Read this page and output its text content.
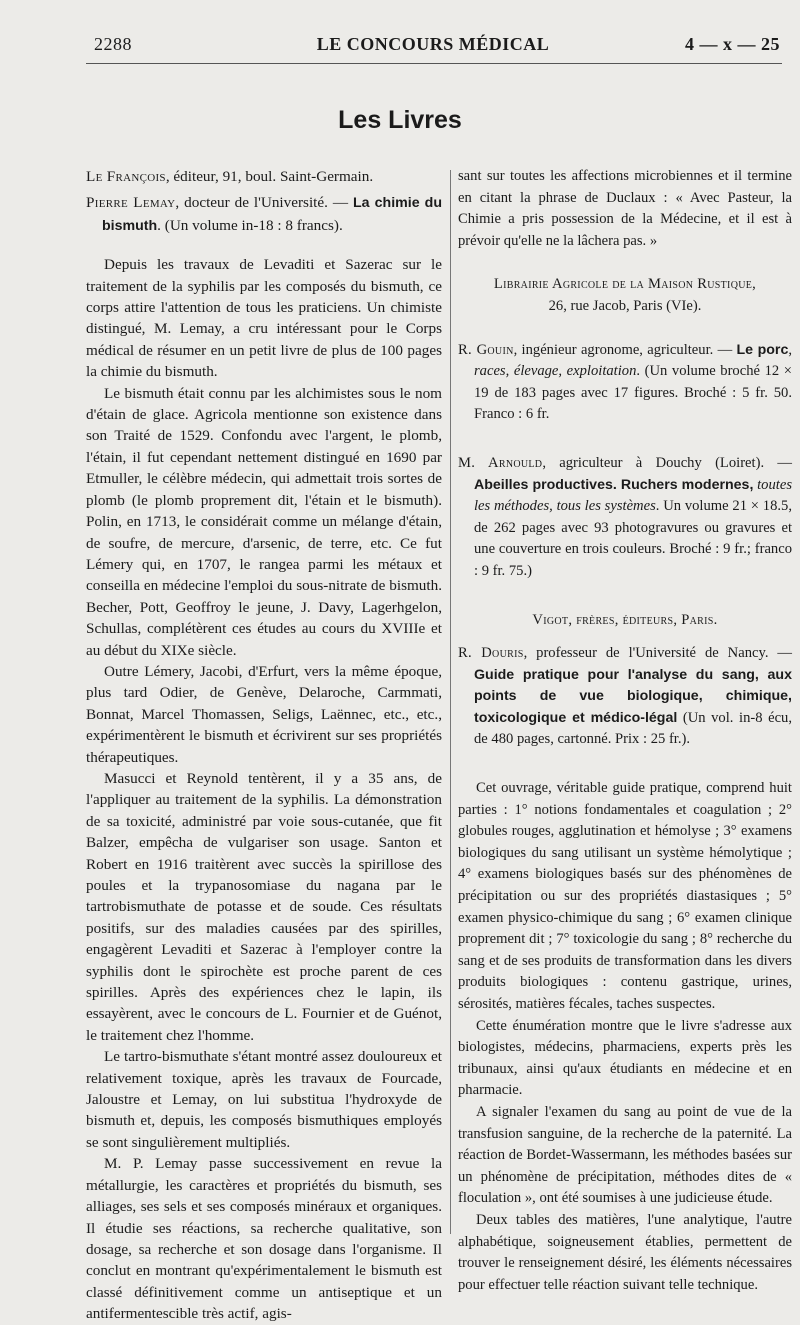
2288	LE CONCOURS MÉDICAL	4 — x — 25
Les Livres

Le François, éditeur, 91, boul. Saint-Germain.

Pierre Lemay, docteur de l'Université. — La chimie du bismuth. (Un volume in-18 : 8 francs).

Depuis les travaux de Levaditi et Sazerac sur le traitement de la syphilis par les composés du bismuth, ce corps attire l'attention de tous les praticiens. Un chimiste distingué, M. Lemay, a cru intéressant pour le Corps médical de résumer en un petit livre de plus de 100 pages la chimie du bismuth.

Le bismuth était connu par les alchimistes sous le nom d'étain de glace. Agricola mentionne son existence dans son Traité de 1529. Confondu avec l'argent, le plomb, l'étain, il fut cependant nettement distingué en 1690 par Etmuller, le célèbre médecin, qui admettait trois sortes de plomb (le plomb proprement dit, l'étain et le bismuth). Polin, en 1713, le considérait comme un mélange d'étain, de soufre, de mercure, d'arsenic, de terre, etc. Ce fut Lémery qui, en 1707, le rangea parmi les métaux et conseilla en médecine l'emploi du sous-nitrate de bismuth. Becher, Pott, Geoffroy le jeune, J. Davy, Lagerhgelon, Schullas, complétèrent ces études au cours du XVIIIe et au début du XIXe siècle.

Outre Lémery, Jacobi, d'Erfurt, vers la même époque, plus tard Odier, de Genève, Delaroche, Carmmati, Bonnat, Marcel Thomassen, Seligs, Laënnec, etc., etc., expérimentèrent le bismuth et écrivirent sur ses propriétés thérapeutiques.

Masucci et Reynold tentèrent, il y a 35 ans, de l'appliquer au traitement de la syphilis. La démonstration de sa toxicité, administré par voie sous-cutanée, que fit Balzer, empêcha de vulgariser son usage. Santon et Robert en 1916 traitèrent avec succès la spirillose des poules et la trypanosomiase du nagana par le tartrobismuthate de potasse et de soude. Ces résultats positifs, sur des maladies causées par des spirilles, engagèrent Levaditi et Sazerac à l'employer contre la syphilis dont le spirochète est proche parent de ces spirilles. Après des expériences chez le lapin, ils essayèrent, avec le concours de L. Fournier et de Guénot, le traitement chez l'homme.

Le tartro-bismuthate s'étant montré assez douloureux et relativement toxique, après les travaux de Fourcade, Jaloustre et Lemay, on lui substitua l'hydroxyde de bismuth et, depuis, les composés bismuthiques employés se sont singulièrement multipliés.

M. P. Lemay passe successivement en revue la métallurgie, les caractères et propriétés du bismuth, ses alliages, ses sels et ses composés minéraux et organiques. Il étudie ses réactions, sa recherche qualitative, son dosage, sa recherche et son dosage dans l'organisme. Il conclut en montrant qu'expérimentalement le bismuth est classé définitivement comme un antiseptique et un antifermentescible très actif, agis-

sant sur toutes les affections microbiennes et il termine en citant la phrase de Duclaux : « Avec Pasteur, la Chimie a pris possession de la Médecine, et il est à prévoir qu'elle ne la lâchera pas. »

Librairie Agricole de la Maison Rustique,

26, rue Jacob, Paris (VIe).

R. Gouin, ingénieur agronome, agriculteur. — Le porc, races, élevage, exploitation. (Un volume broché 12 × 19 de 183 pages avec 17 figures. Broché : 5 fr. 50. Franco : 6 fr.

M. Arnould, agriculteur à Douchy (Loiret). — Abeilles productives. Ruchers modernes, toutes les méthodes, tous les systèmes. Un volume 21 × 18.5, de 262 pages avec 93 photogravures ou gravures et une couverture en trois couleurs. Broché : 9 fr.; franco : 9 fr. 75.)

Vigot, frères, éditeurs, Paris.

R. Douris, professeur de l'Université de Nancy. — Guide pratique pour l'analyse du sang, aux points de vue biologique, chimique, toxicologique et médico-légal (Un vol. in-8 écu, de 480 pages, cartonné. Prix : 25 fr.).

Cet ouvrage, véritable guide pratique, comprend huit parties : 1° notions fondamentales et coagulation ; 2° globules rouges, agglutination et hémolyse ; 3° examens biologiques du sang utilisant un système hémolytique ; 4° examens biologiques basés sur des phénomènes de précipitation ou sur des propriétés diastasiques ; 5° examen physico-chimique du sang ; 6° examen clinique proprement dit ; 7° toxicologie du sang ; 8° recherche du sang et de ses produits de transformation dans les divers produits biologiques : contenu gastrique, urines, sérosités, matières fécales, taches suspectes.

Cette énumération montre que le livre s'adresse aux biologistes, médecins, pharmaciens, experts près les tribunaux, ainsi qu'aux étudiants en médecine et en pharmacie.

A signaler l'examen du sang au point de vue de la transfusion sanguine, de la recherche de la paternité. La réaction de Bordet-Wassermann, les méthodes basées sur un phénomène de précipitation, méthodes dites de « floculation », ont été soumises à une judicieuse étude.

Deux tables des matières, l'une analytique, l'autre alphabétique, soigneusement établies, permettent de trouver le renseignement désiré, les éléments nécessaires pour effectuer telle réaction suivant telle technique.
